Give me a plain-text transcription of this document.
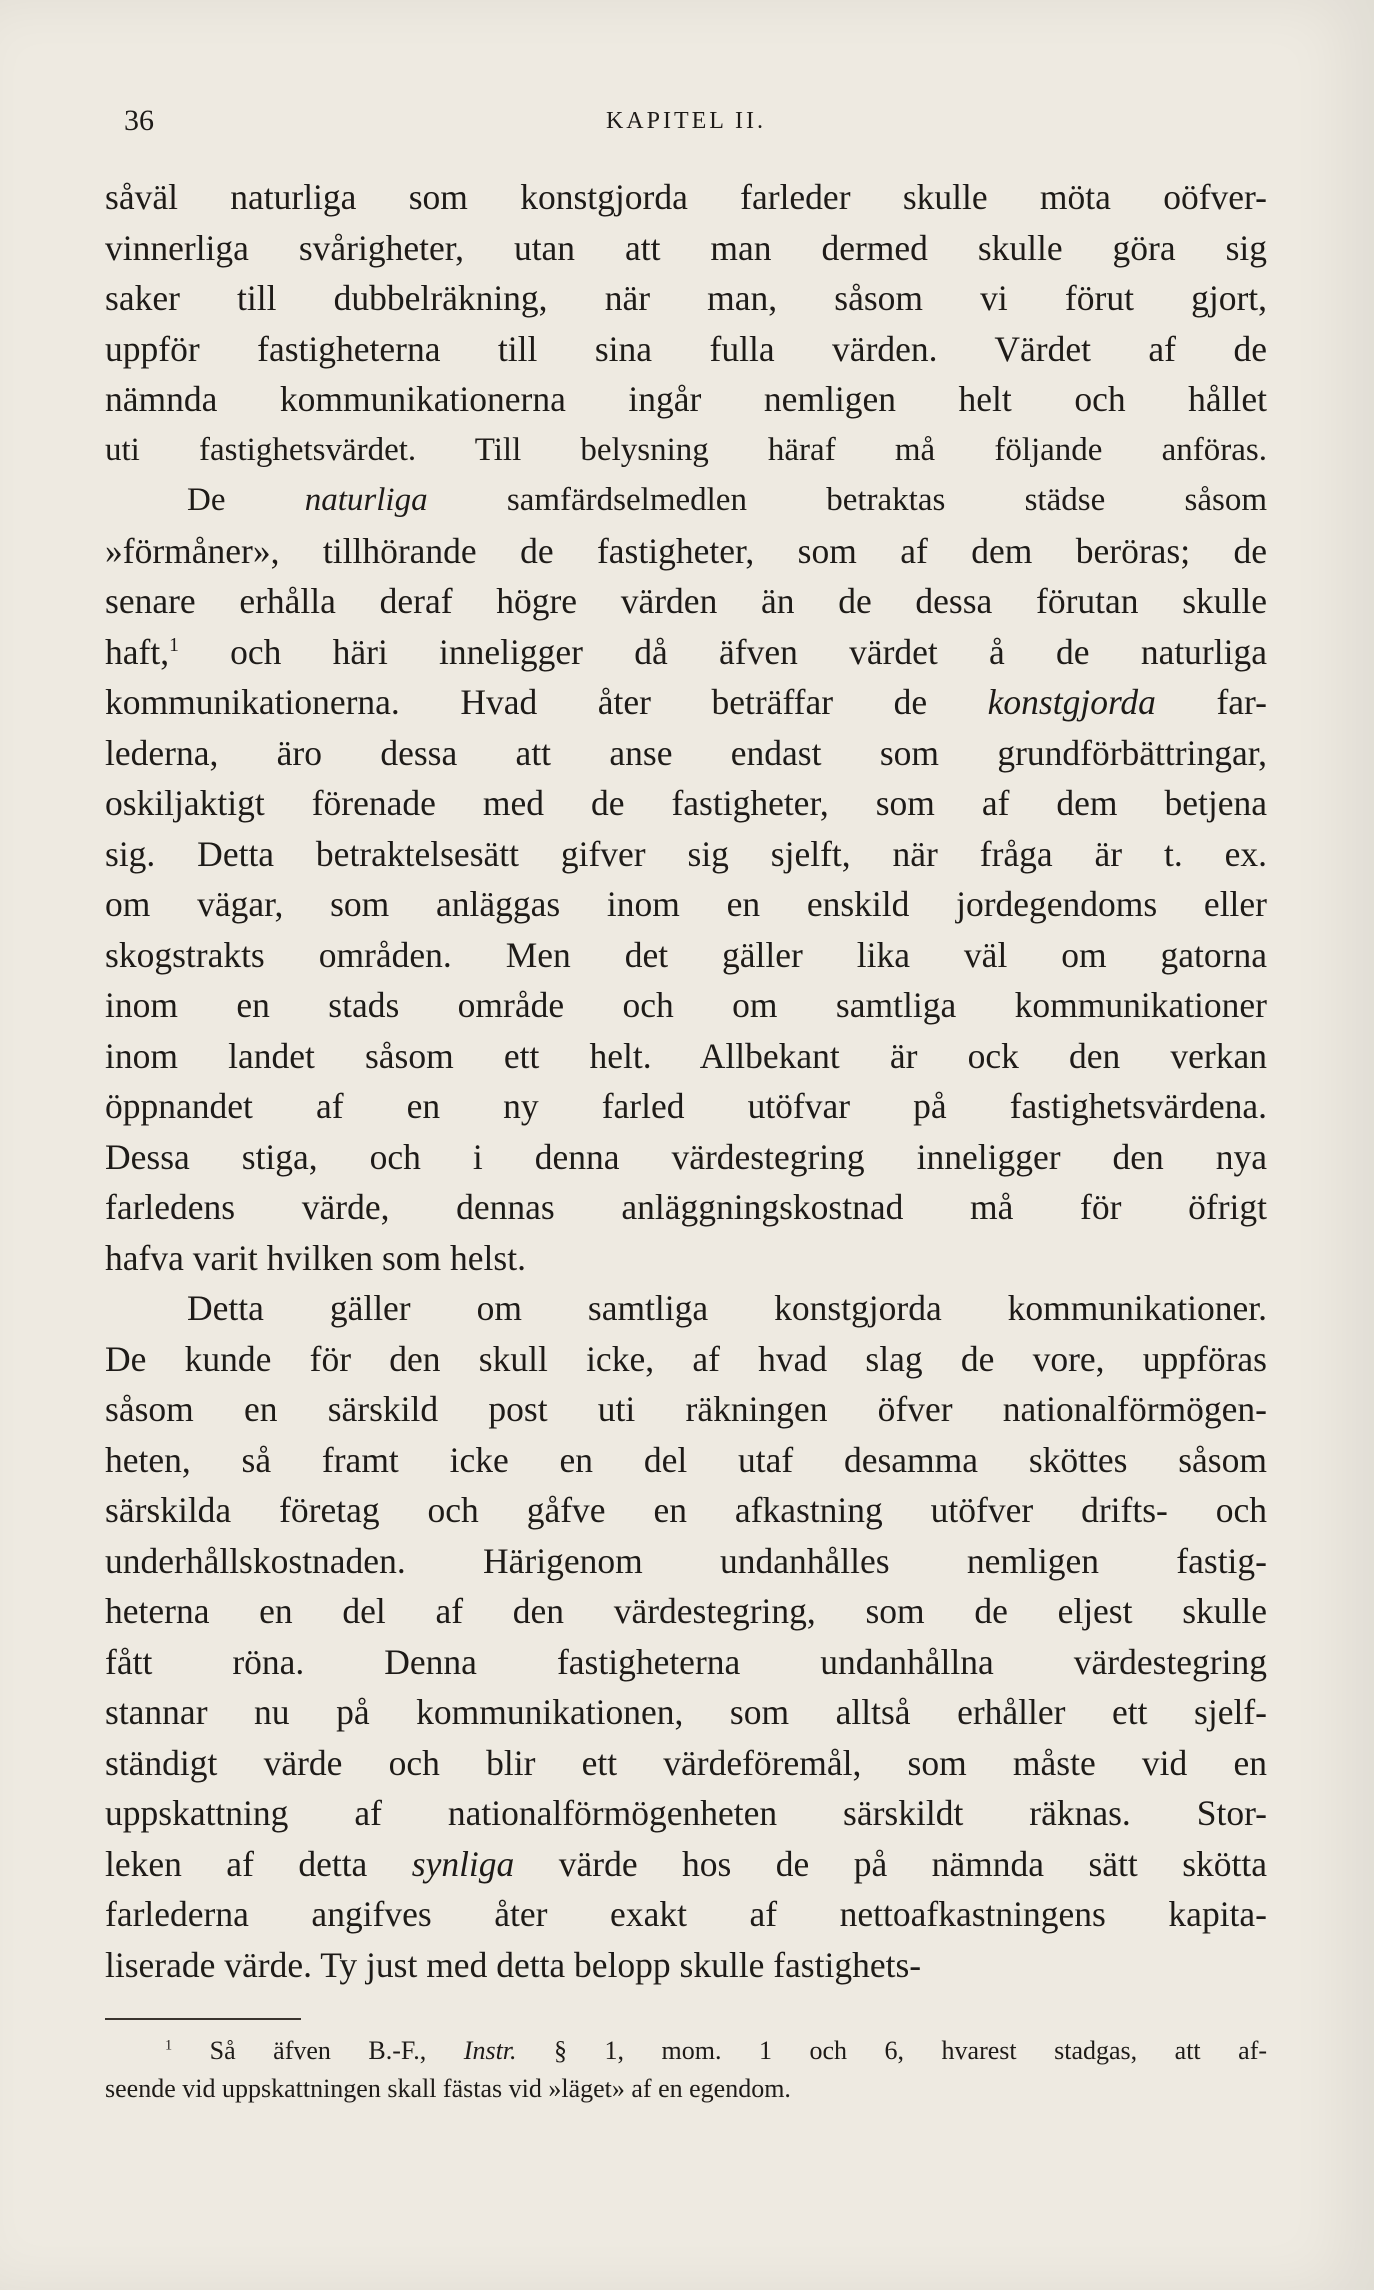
36	KAPITEL II.
såväl naturliga som konstgjorda farleder skulle möta oöfver-
vinnerliga svårigheter, utan att man dermed skulle göra sig
saker till dubbelräkning, när man, såsom vi förut gjort,
uppför fastigheterna till sina fulla värden. Värdet af de
nämnda kommunikationerna ingår nemligen helt och hållet
uti fastighetsvärdet. Till belysning häraf må följande anföras.
De naturliga samfärdselmedlen betraktas städse såsom
»förmåner», tillhörande de fastigheter, som af dem beröras; de
senare erhålla deraf högre värden än de dessa förutan skulle
haft,$^1$ och häri inneligger då äfven värdet å de naturliga
kommunikationerna. Hvad åter beträffar de konstgjorda far-
lederna, äro dessa att anse endast som grundförbättringar,
oskiljaktigt förenade med de fastigheter, som af dem betjena
sig. Detta betraktelsesätt gifver sig sjelft, när fråga är t. ex.
om vägar, som anläggas inom en enskild jordegendoms eller
skogstrakts områden. Men det gäller lika väl om gatorna
inom en stads område och om samtliga kommunikationer
inom landet såsom ett helt. Allbekant är ock den verkan
öppnandet af en ny farled utöfvar på fastighetsvärdena.
Dessa stiga, och i denna värdestegring inneligger den nya
farledens värde, dennas anläggningskostnad må för öfrigt
hafva varit hvilken som helst.
Detta gäller om samtliga konstgjorda kommunikationer.
De kunde för den skull icke, af hvad slag de vore, uppföras
såsom en särskild post uti räkningen öfver nationalförmögen-
heten, så framt icke en del utaf desamma sköttes såsom
särskilda företag och gåfve en afkastning utöfver drifts- och
underhållskostnaden. Härigenom undanhålles nemligen fastig-
heterna en del af den värdestegring, som de eljest skulle
fått röna. Denna fastigheterna undanhållna värdestegring
stannar nu på kommunikationen, som alltså erhåller ett sjelf-
ständigt värde och blir ett värdeföremål, som måste vid en
uppskattning af nationalförmögenheten särskildt räknas. Stor-
leken af detta synliga värde hos de på nämnda sätt skötta
farlederna angifves åter exakt af nettoafkastningens kapita-
liserade värde. Ty just med detta belopp skulle fastighets-
$^1$ Så äfven B.-F., Instr. § 1, mom. 1 och 6, hvarest stadgas, att af-
seende vid uppskattningen skall fästas vid »läget» af en egendom.
